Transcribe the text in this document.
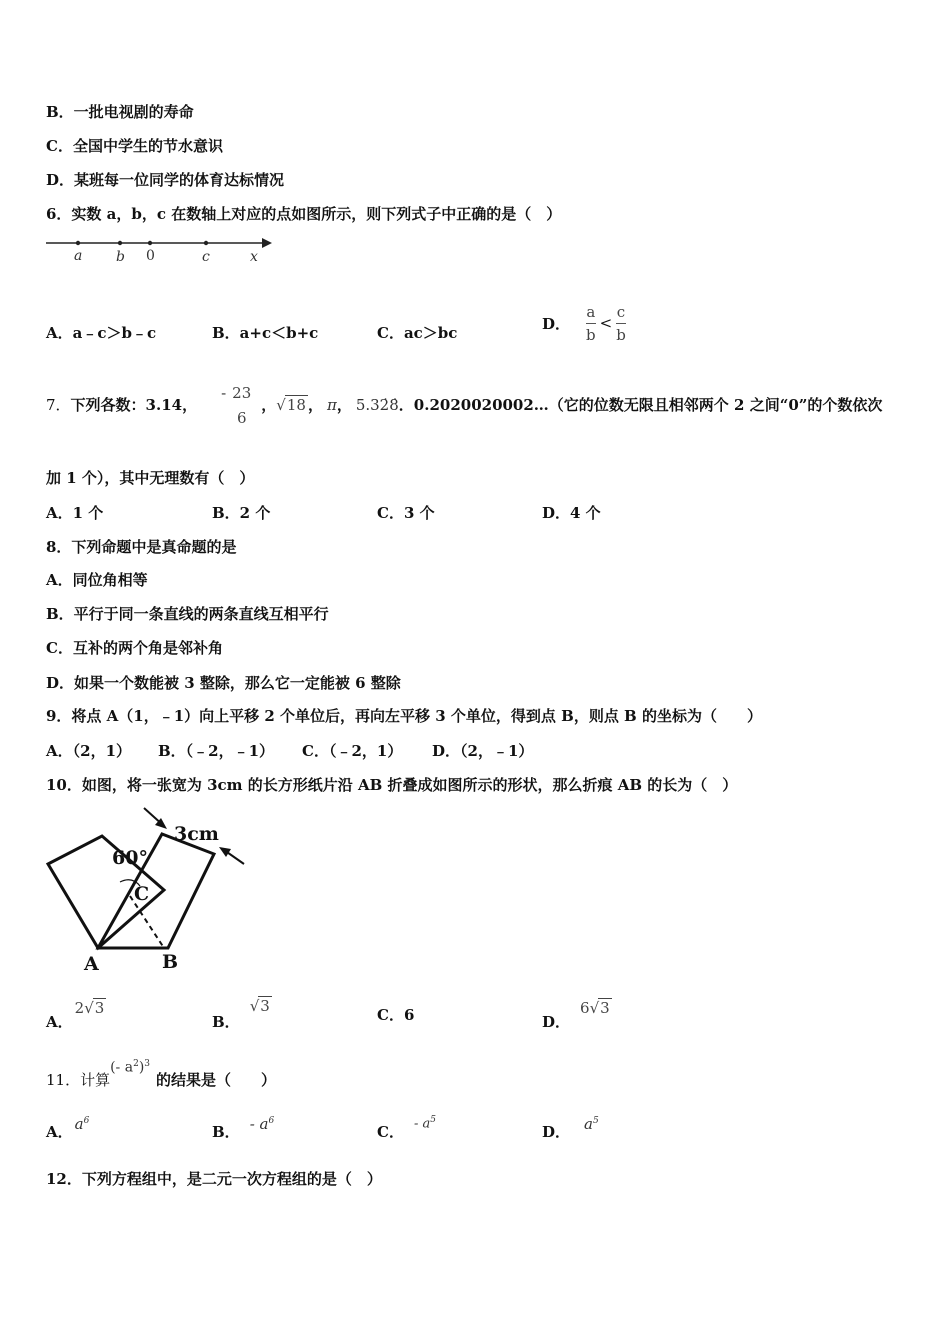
B．一批电视剧的寿命
C．全国中学生的节水意识
D．某班每一位同学的体育达标情况
6．实数 a，b，c 在数轴上对应的点如图所示，则下列式子中正确的是（　）
a b 0	c	x
A．a﹣c＞b﹣c	B．a+c＜b+c	C．ac＞bc
D． $\frac{a}{b} < \frac{c}{b}$
7． 下列各数：3.14，
- $\frac{23}{6}$ ， √18 ， π ， 5.32̇8̇ ．0.2020020002…（它的位数无限且相邻两个 2 之间“0”的个数依次
加 1 个），其中无理数有（　）
A．1 个	B．2 个	C．3 个	D．4 个
8．下列命题中是真命题的是
A．同位角相等
B．平行于同一条直线的两条直线互相平行
C．互补的两个角是邻补角
D．如果一个数能被 3 整除，那么它一定能被 6 整除
9．将点 A（1，﹣1）向上平移 2 个单位后，再向左平移 3 个单位，得到点 B，则点 B 的坐标为（　　）
A．（2，1） B．（﹣2，﹣1） C．（﹣2，1） D．（2，﹣1）
10．如图，将一张宽为 3cm 的长方形纸片沿 AB 折叠成如图所示的形状，那么折痕 AB 的长为（　）
60°
3cm
C
A	B
A．
2√3
B．
√3	C．6	D．
6√3
11．计算
(- $a^2)^3$
的结果是（　　）
A． $a^6$
B． - $a^6$
C． - $a^5$
D． $a^5$
12．下列方程组中，是二元一次方程组的是（　）
